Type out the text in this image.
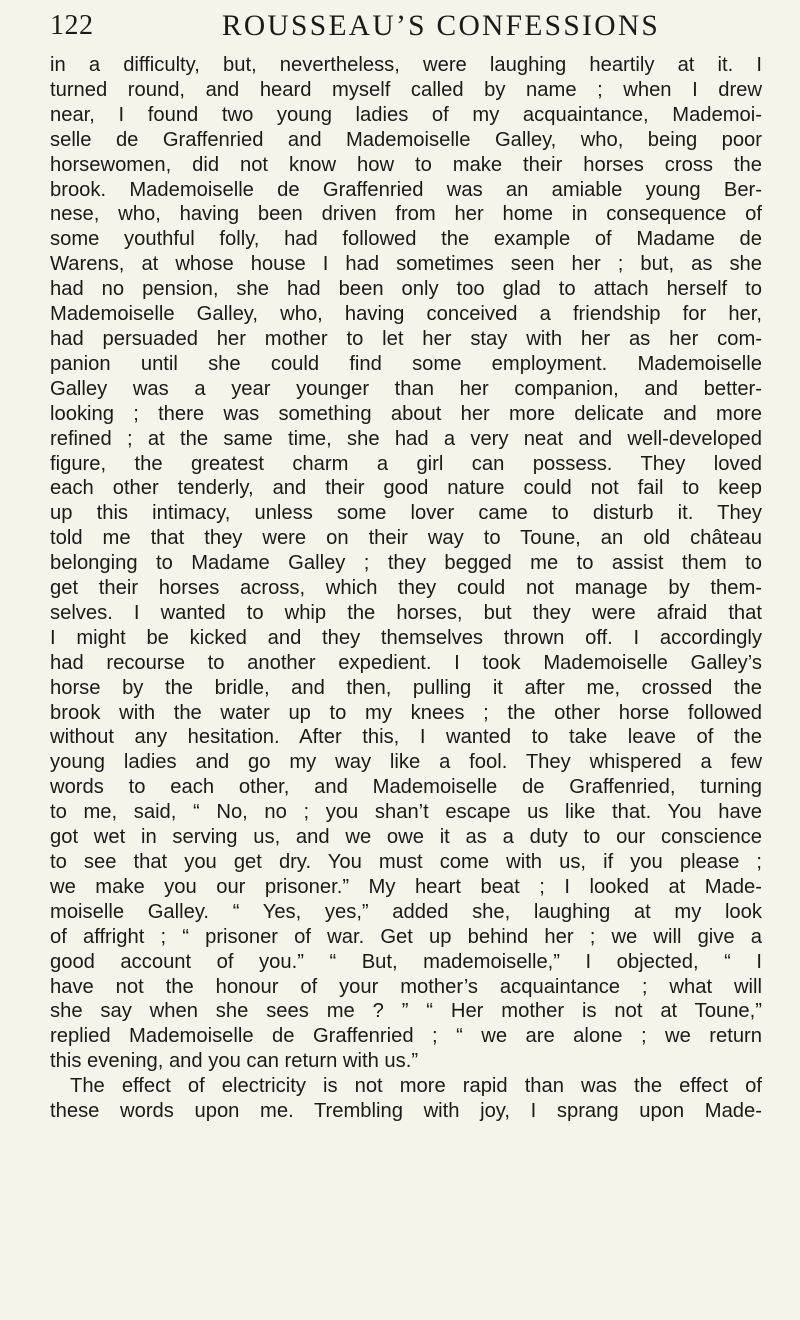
122	ROUSSEAU’S CONFESSIONS
in a difficulty, but, nevertheless, were laughing heartily at it. I
turned round, and heard myself called by name ; when I drew
near, I found two young ladies of my acquaintance, Mademoi-
selle de Graffenried and Mademoiselle Galley, who, being poor
horsewomen, did not know how to make their horses cross the
brook. Mademoiselle de Graffenried was an amiable young Ber-
nese, who, having been driven from her home in consequence of
some youthful folly, had followed the example of Madame de
Warens, at whose house I had sometimes seen her ; but, as she
had no pension, she had been only too glad to attach herself to
Mademoiselle Galley, who, having conceived a friendship for her,
had persuaded her mother to let her stay with her as her com-
panion until she could find some employment. Mademoiselle
Galley was a year younger than her companion, and better-
looking ; there was something about her more delicate and more
refined ; at the same time, she had a very neat and well-developed
figure, the greatest charm a girl can possess. They loved
each other tenderly, and their good nature could not fail to keep
up this intimacy, unless some lover came to disturb it. They
told me that they were on their way to Toune, an old château
belonging to Madame Galley ; they begged me to assist them to
get their horses across, which they could not manage by them-
selves. I wanted to whip the horses, but they were afraid that
I might be kicked and they themselves thrown off. I accordingly
had recourse to another expedient. I took Mademoiselle Galley’s
horse by the bridle, and then, pulling it after me, crossed the
brook with the water up to my knees ; the other horse followed
without any hesitation. After this, I wanted to take leave of the
young ladies and go my way like a fool. They whispered a few
words to each other, and Mademoiselle de Graffenried, turning
to me, said, “ No, no ; you shan’t escape us like that. You have
got wet in serving us, and we owe it as a duty to our conscience
to see that you get dry. You must come with us, if you please ;
we make you our prisoner.” My heart beat ; I looked at Made-
moiselle Galley. “ Yes, yes,” added she, laughing at my look
of affright ; “ prisoner of war. Get up behind her ; we will give a
good account of you.” “ But, mademoiselle,” I objected, “ I
have not the honour of your mother’s acquaintance ; what will
she say when she sees me ? ” “ Her mother is not at Toune,”
replied Mademoiselle de Graffenried ; “ we are alone ; we return
this evening, and you can return with us.”
The effect of electricity is not more rapid than was the effect of
these words upon me. Trembling with joy, I sprang upon Made-
